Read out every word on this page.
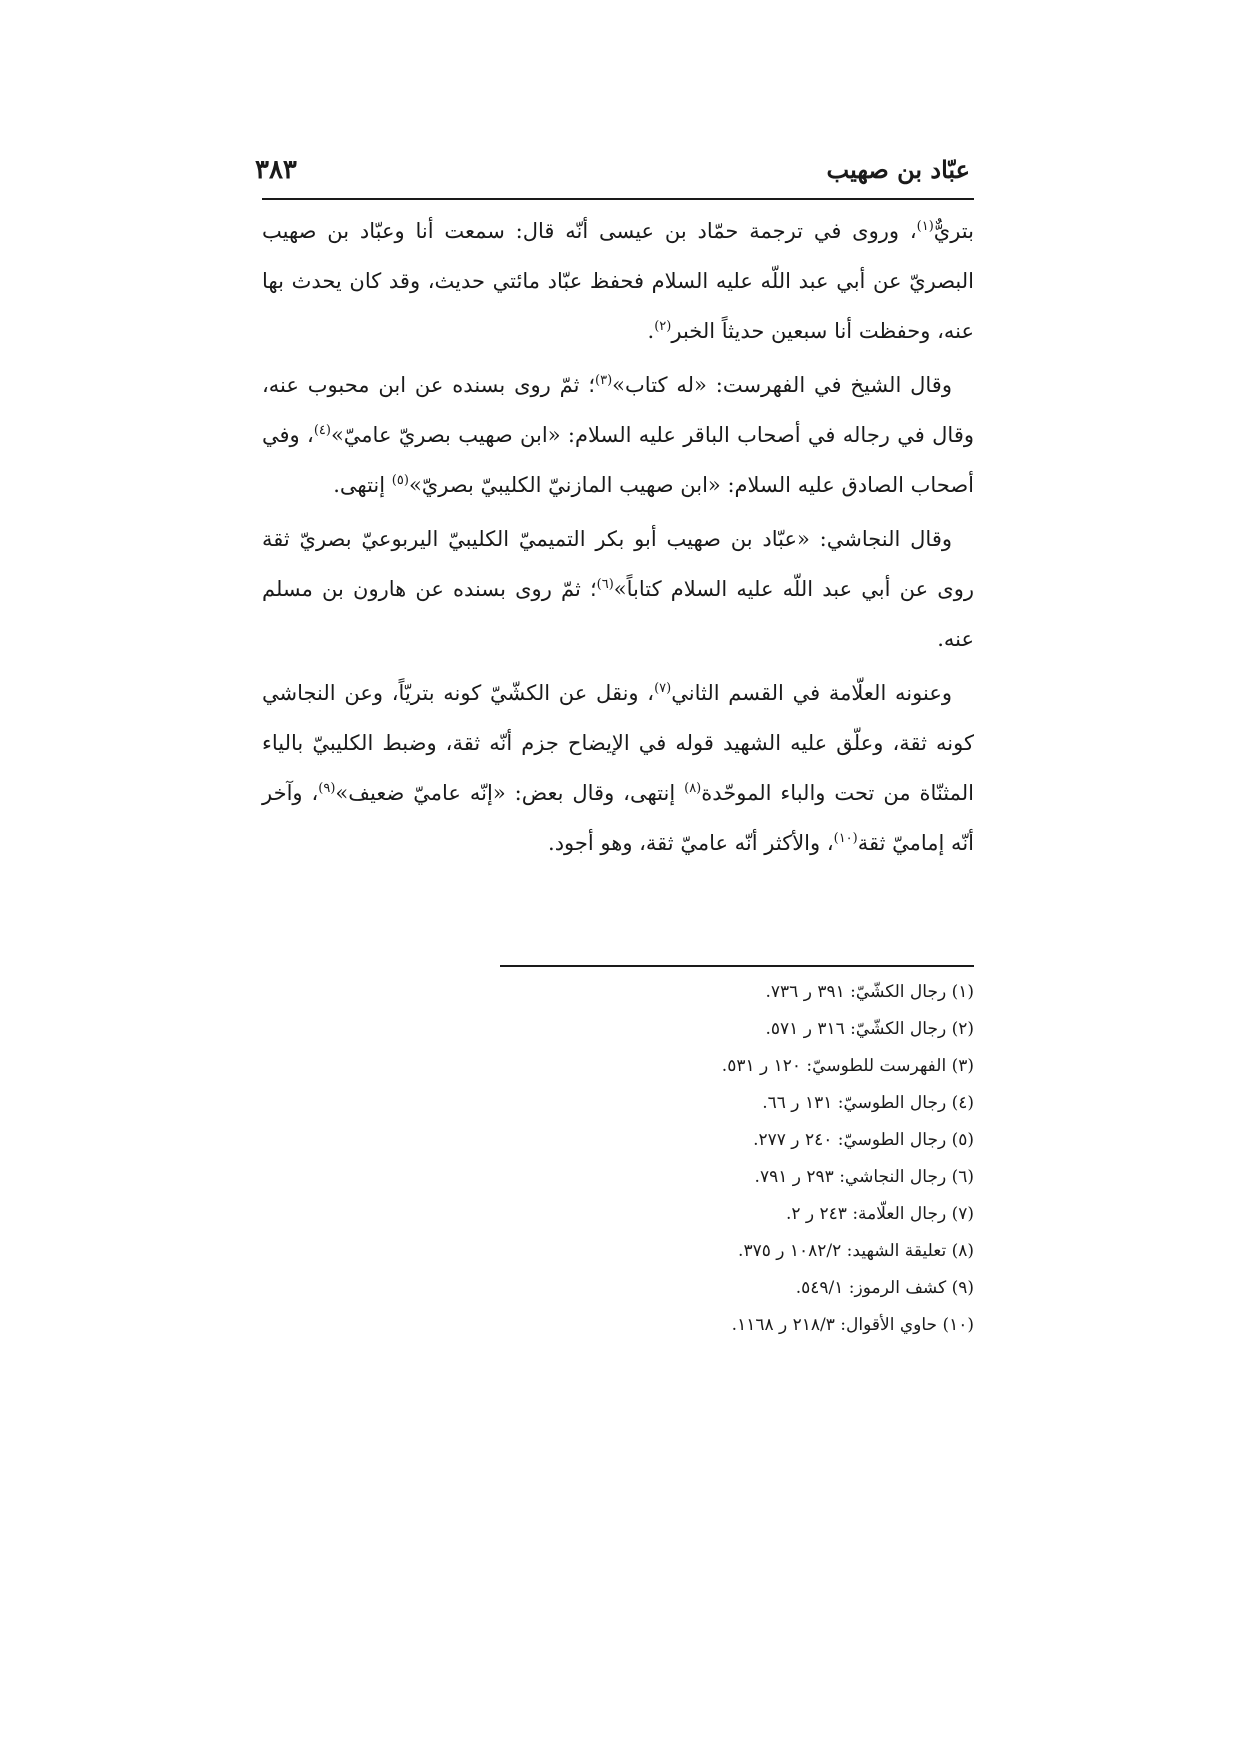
عبّاد بن صهيب
٣٨٣

بتريٌّ$^{(١)}$، وروى في ترجمة حمّاد بن عيسى أنّه قال: سمعت أنا وعبّاد بن صهيب البصريّ عن أبي عبد اللّه عليه السلام فحفظ عبّاد مائتي حديث، وقد كان يحدث بها عنه، وحفظت أنا سبعين حديثاً الخبر$^{(٢)}$.

وقال الشيخ في الفهرست: «له كتاب»$^{(٣)}$؛ ثمّ روى بسنده عن ابن محبوب عنه، وقال في رجاله في أصحاب الباقر عليه السلام: «ابن صهيب بصريّ عاميّ»$^{(٤)}$، وفي أصحاب الصادق عليه السلام: «ابن صهيب المازنيّ الكليبيّ بصريّ»$^{(٥)}$ إنتهى.

وقال النجاشي: «عبّاد بن صهيب أبو بكر التميميّ الكليبيّ اليربوعيّ بصريّ ثقة روى عن أبي عبد اللّه عليه السلام كتاباً»$^{(٦)}$؛ ثمّ روى بسنده عن هارون بن مسلم عنه.

وعنونه العلّامة في القسم الثاني$^{(٧)}$، ونقل عن الكشّيّ كونه بتريّاً، وعن النجاشي كونه ثقة، وعلّق عليه الشهيد قوله في الإيضاح جزم أنّه ثقة، وضبط الكليبيّ بالياء المثنّاة من تحت والباء الموحّدة$^{(٨)}$ إنتهى، وقال بعض: «إنّه عاميّ ضعيف»$^{(٩)}$، وآخر أنّه إماميّ ثقة$^{(١٠)}$، والأكثر أنّه عاميّ ثقة، وهو أجود.

(١) رجال الكشّيّ: ٣٩١ ر ٧٣٦.
(٢) رجال الكشّيّ: ٣١٦ ر ٥٧١.
(٣) الفهرست للطوسيّ: ١٢٠ ر ٥٣١.
(٤) رجال الطوسيّ: ١٣١ ر ٦٦.
(٥) رجال الطوسيّ: ٢٤٠ ر ٢٧٧.
(٦) رجال النجاشي: ٢٩٣ ر ٧٩١.
(٧) رجال العلّامة: ٢٤٣ ر ٢.
(٨) تعليقة الشهيد: ١٠٨٢/٢ ر ٣٧٥.
(٩) كشف الرموز: ٥٤٩/١.
(١٠) حاوي الأقوال: ٢١٨/٣ ر ١١٦٨.
